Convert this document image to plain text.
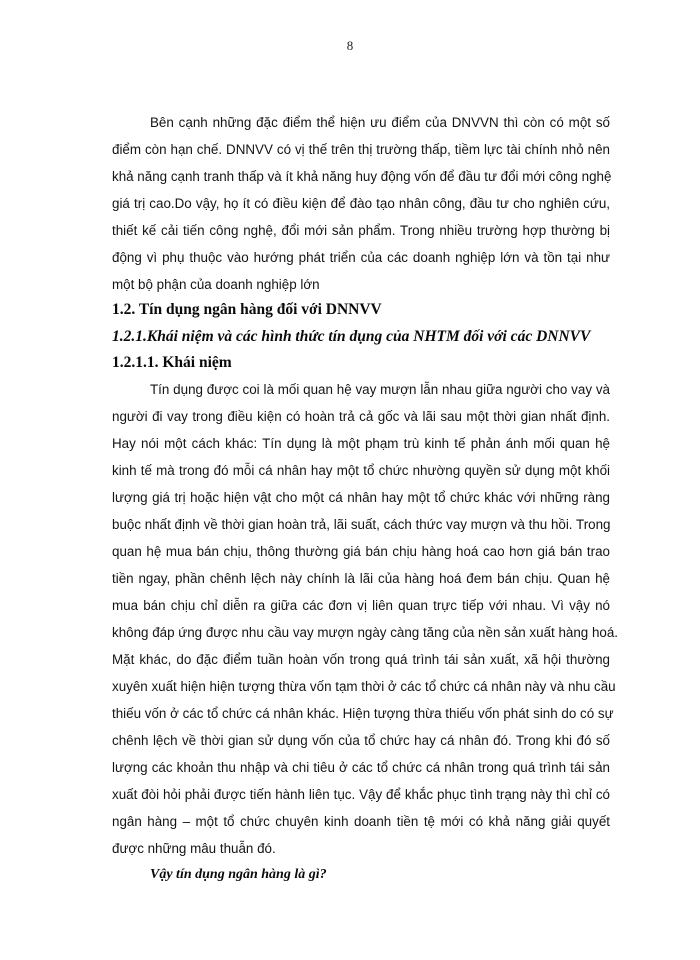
8
Bên cạnh những đặc điểm thể hiện ưu điểm của DNVVN thì còn có một số
điểm còn hạn chế. DNNVV có vị thế trên thị trường thấp, tiềm lực tài chính nhỏ nên
khả năng cạnh tranh thấp và ít khả năng huy động vốn để đầu tư đổi mới công nghệ
giá trị cao.Do vậy, họ ít có điều kiện để đào tạo nhân công, đầu tư cho nghiên cứu,
thiết kế cải tiến công nghệ, đổi mới sản phẩm. Trong nhiều trường hợp thường bị
động vì phụ thuộc vào hướng phát triển của các doanh nghiệp lớn và tồn tại như
một bộ phận của doanh nghiệp lớn
1.2. Tín dụng ngân hàng đối với DNNVV
1.2.1.Khái niệm và các hình thức tín dụng của NHTM đối với các DNNVV
1.2.1.1. Khái niệm
Tín dụng được coi là mối quan hệ vay mượn lẫn nhau giữa người cho vay và
người đi vay trong điều kiện có hoàn trả cả gốc và lãi sau một thời gian nhất định.
Hay nói một cách khác: Tín dụng là một phạm trù kinh tế phản ánh mối quan hệ
kinh tế mà trong đó mỗi cá nhân hay một tổ chức nhường quyền sử dụng một khối
lượng giá trị hoặc hiện vật cho một cá nhân hay một tổ chức khác với những ràng
buộc nhất định về thời gian hoàn trả, lãi suất, cách thức vay mượn và thu hồi. Trong
quan hệ mua bán chịu, thông thường giá bán chịu hàng hoá cao hơn giá bán trao
tiền ngay, phần chênh lệch này chính là lãi của hàng hoá đem bán chịu. Quan hệ
mua bán chịu chỉ diễn ra giữa các đơn vị liên quan trực tiếp với nhau. Vì vậy nó
không đáp ứng được nhu cầu vay mượn ngày càng tăng của nền sản xuất hàng hoá.
Mặt khác, do đặc điểm tuần hoàn vốn trong quá trình tái sản xuất, xã hội thường
xuyên xuất hiện hiện tượng thừa vốn tạm thời ở các tổ chức cá nhân này và nhu cầu
thiếu vốn ở các tổ chức cá nhân khác. Hiện tượng thừa thiếu vốn phát sinh do có sự
chênh lệch về thời gian sử dụng vốn của tổ chức hay cá nhân đó. Trong khi đó số
lượng các khoản thu nhập và chi tiêu ở các tổ chức cá nhân trong quá trình tái sản
xuất đòi hỏi phải được tiến hành liên tục. Vậy để khắc phục tình trạng này thì chỉ có
ngân hàng – một tổ chức chuyên kinh doanh tiền tệ mới có khả năng giải quyết
được những mâu thuẫn đó.
Vậy tín dụng ngân hàng là gì?
